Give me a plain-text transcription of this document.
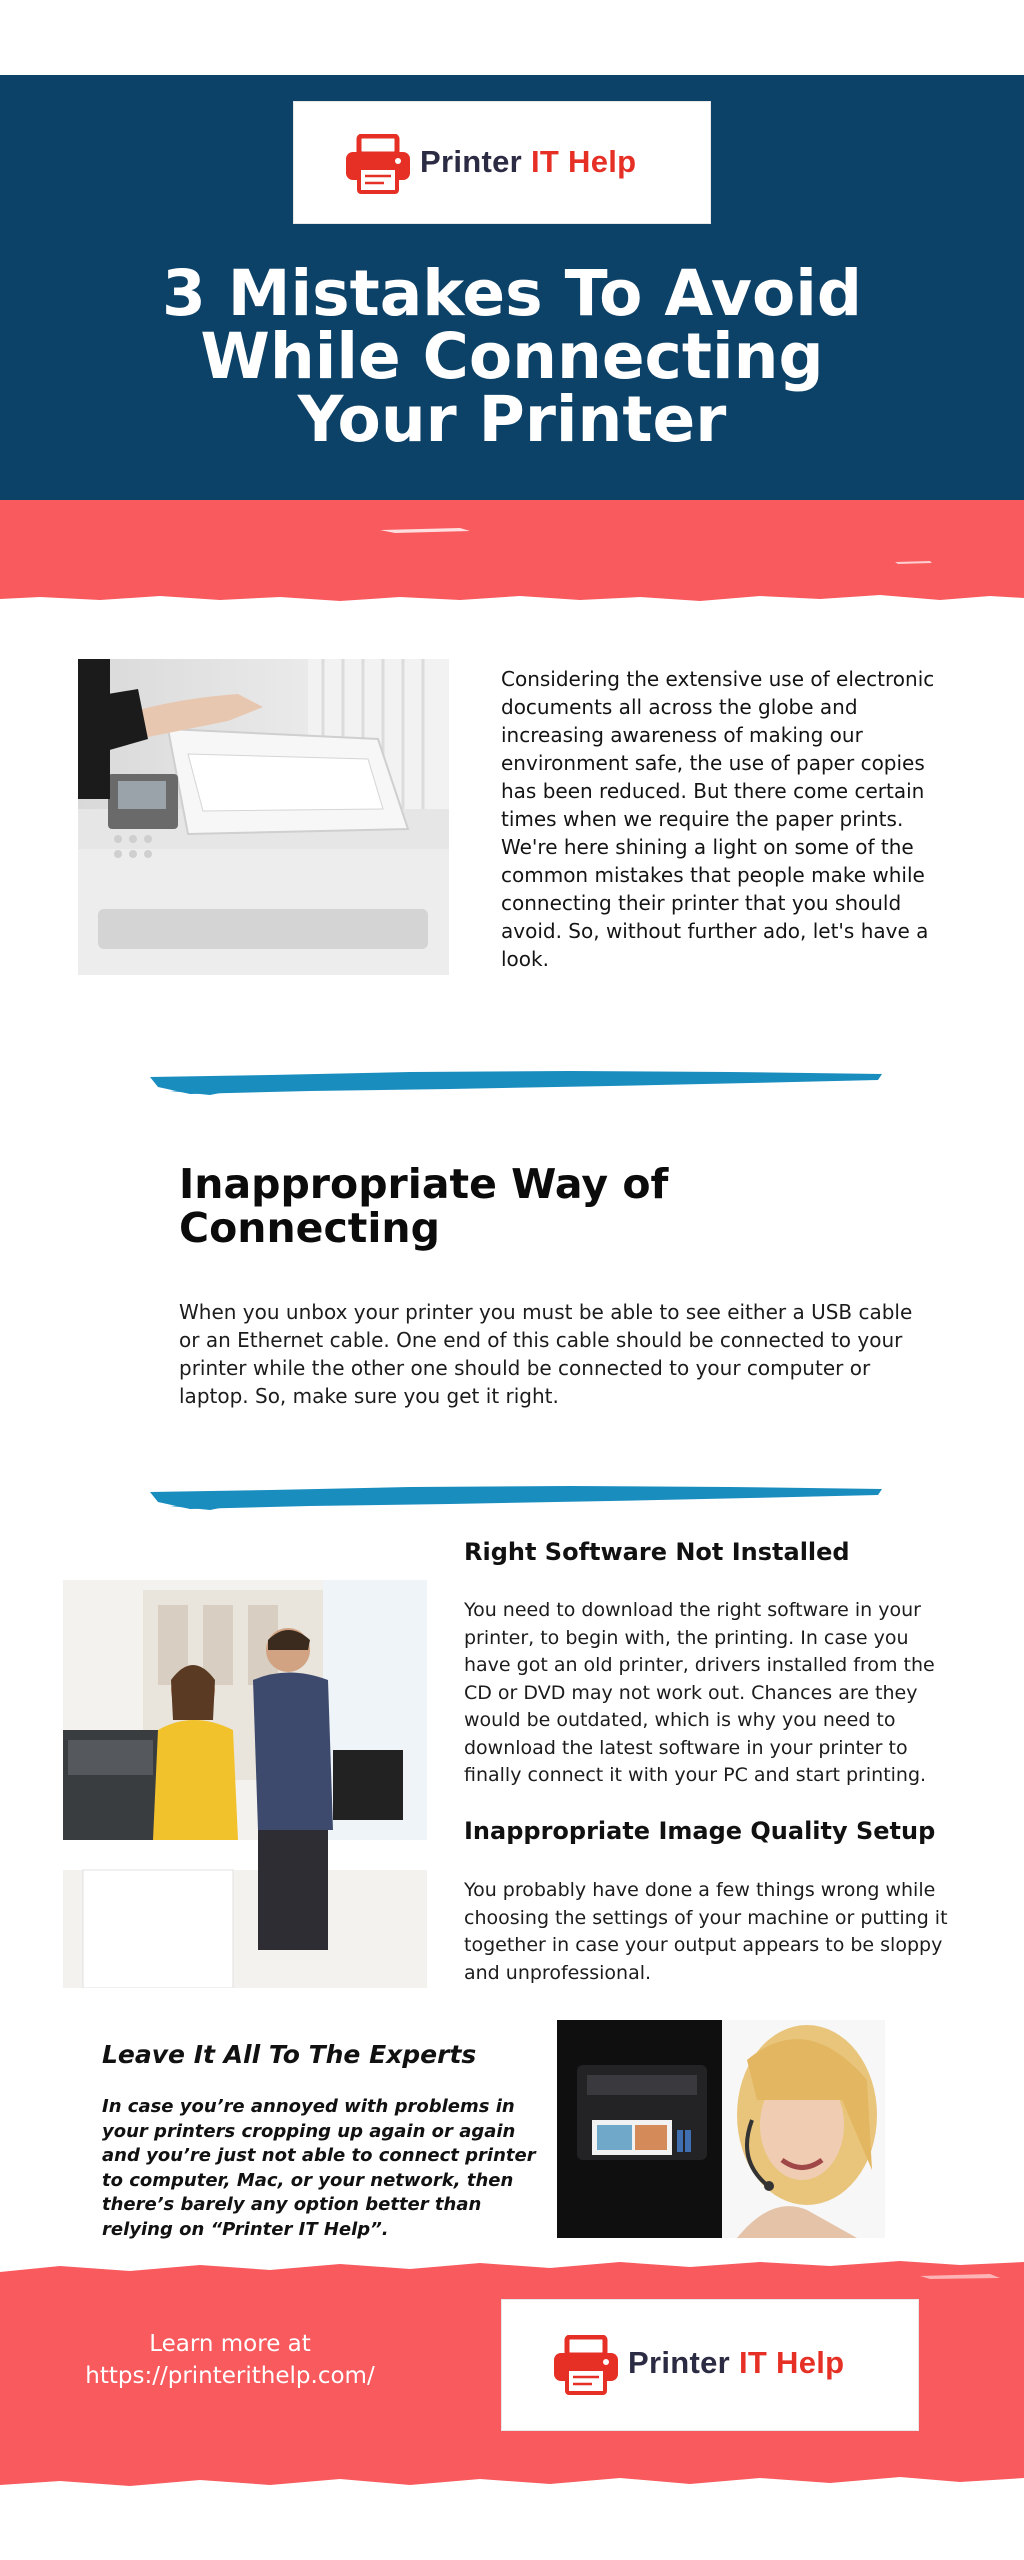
Printer IT Help
3 Mistakes To Avoid
While Connecting
Your Printer
Considering the extensive use of electronic documents all across the globe and increasing awareness of making our environment safe, the use of paper copies has been reduced. But there come certain times when we require the paper prints. We're here shining a light on some of the common mistakes that people make while connecting their printer that you should avoid. So, without further ado, let's have a look.
Inappropriate Way of
Connecting
When you unbox your printer you must be able to see either a USB cable or an Ethernet cable. One end of this cable should be connected to your printer while the other one should be connected to your computer or laptop. So, make sure you get it right.
Right Software Not Installed
You need to download the right software in your printer, to begin with, the printing. In case you have got an old printer, drivers installed from the CD or DVD may not work out. Chances are they would be outdated, which is why you need to download the latest software in your printer to finally connect it with your PC and start printing.
Inappropriate Image Quality Setup
You probably have done a few things wrong while choosing the settings of your machine or putting it together in case your output appears to be sloppy and unprofessional.
Leave It All To The Experts
In case you’re annoyed with problems in your printers cropping up again or again and you’re just not able to connect printer to computer, Mac, or your network, then there’s barely any option better than relying on “Printer IT Help”.
Learn more at
https://printerithelp.com/	Printer IT Help
